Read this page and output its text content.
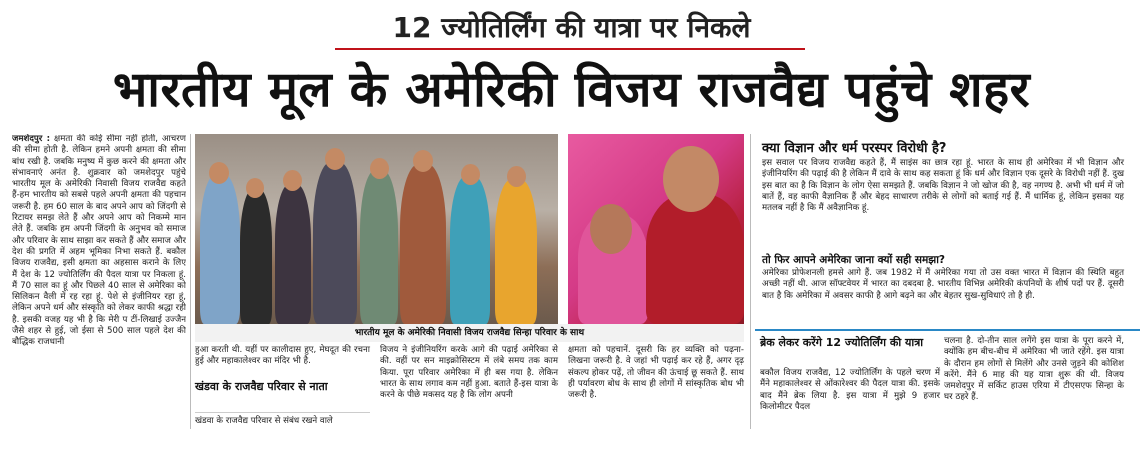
12 ज्योतिर्लिंग की यात्रा पर निकले
भारतीय मूल के अमेरिकी विजय राजवैद्य पहुंचे शहर
जमशेदपुर : क्षमता की कोई सीमा नहीं होती, आचरण की सीमा होती है. लेकिन हमने अपनी क्षमता की सीमा बांध रखी है. जबकि मनुष्य में कुछ करने की क्षमता और संभावनाएं अनंत है. शुक्रवार को जमशेदपुर पहुंचे भारतीय मूल के अमेरिकी निवासी विजय राजवैद्य कहते हैं-हम भारतीय को सबसे पहले अपनी क्षमता की पहचान जरूरी है. हम 60 साल के बाद अपने आप को जिंदगी से रिटायर समझ लेते हैं और अपने आप को निकम्मे मान लेते हैं. जबकि हम अपनी जिंदगी के अनुभव को समाज और परिवार के साथ साझा कर सकते हैं और समाज और देश की प्रगति में अहम भूमिका निभा सकते हैं. बकौल विजय राजवैद्य, इसी क्षमता का अहसास कराने के लिए मैं देश के 12 ज्योतिर्लिंग की पैदल यात्रा पर निकला हूं. मैं 70 साल का हूं और पिछले 40 साल से अमेरिका को सिलिकन वैली में रह रहा हूं. पेशे से इंजीनियर रहा हूं, लेकिन अपने धर्म और संस्कृति को लेकर काफी श्रद्धा रही है. इसकी वजह यह भी है कि मेरी प टीं-लिखाई उज्जैन जैसे शहर से हुई, जो ईसा से 500 साल पहले देश की बौद्धिक राजधानी
भारतीय मूल के अमेरिकी निवासी विजय राजवैद्य सिन्हा परिवार के साथ
क्या विज्ञान और धर्म परस्पर विरोधी है?
इस सवाल पर विजय राजवैद्य कहते हैं, मैं साइंस का छात्र रहा हूं. भारत के साथ ही अमेरिका में भी विज्ञान और इंजीनियरिंग की पढ़ाई की है लेकिन मैं दावे के साथ कह सकता हूं कि धर्म और विज्ञान एक दूसरे के विरोधी नहीं हैं. दुख इस बात का है कि विज्ञान के लोग ऐसा समझते हैं. जबकि विज्ञान ने जो खोज की है, वह नगण्य है. अभी भी धर्म में जो बातें हैं, वह काफी वैज्ञानिक हैं और बेहद साधारण तरीके से लोगों को बताई गई हैं. मैं धार्मिक हूं, लेकिन इसका यह मतलब नहीं है कि मैं अवैज्ञानिक हूं.
तो फिर आपने अमेरिका जाना क्यों सही समझा?
अमेरिका प्रोफेशनली हमसे आगे हैं. जब 1982 में मैं अमेरिका गया तो उस वक्त भारत में विज्ञान की स्थिति बहुत अच्छी नहीं थी. आज सॉफ्टवेयर में भारत का दबदबा है. भारतीय विभिन्न अमेरिकी कंपनियों के शीर्ष पदों पर हैं. दूसरी बात है कि अमेरिका में अवसर काफी है आगे बढ़ने का और बेहतर सुख-सुविधाएं तो है ही.
हुआ करती थी. यहीं पर कालीदास हुए, मेघदूत की रचना हुई और महाकालेश्वर का मंदिर भी है.
खंडवा के राजवैद्य परिवार से नाता
खंडवा के राजवैद्य परिवार से संबंध रखने वाले
विजय ने इंजीनियरिंग करके आगे की पढ़ाई अमेरिका से की. वहीं पर सन माइक्रोसिस्टम में लंबे समय तक काम किया. पूरा परिवार अमेरिका में ही बस गया है. लेकिन भारत के साथ लगाव कम नहीं हुआ. बताते हैं-इस यात्रा के करने के पीछे मकसद यह है कि लोग अपनी
क्षमता को पहचानें. दूसरी कि हर व्यक्ति को पढ़ना-लिखना जरूरी है. वे जहां भी पढ़ाई कर रहे हैं, अगर दृढ़ संकल्प होकर पढ़ें, तो जीवन की ऊंचाई छू सकते हैं. साथ ही पर्यावरण बोध के साथ ही लोगों में सांस्कृतिक बोध भी जरूरी है.
ब्रेक लेकर करेंगे 12 ज्योतिर्लिंग की यात्रा
बकौल विजय राजवैद्य, 12 ज्योतिर्लिंग के पहले चरण में मैंने महाकालेश्वर से ओंकारेश्वर की पैदल यात्रा की. इसके बाद मैंने ब्रेक लिया है. इस यात्रा में मुझे 9 हजार किलोमीटर पैदल
चलना है. दो-तीन साल लगेंगे इस यात्रा के पूरा करने में, क्योंकि हम बीच-बीच में अमेरिका भी जाते रहेंगे. इस यात्रा के दौरान हम लोगों से मिलेंगे और उनसे जुड़ने की कोशिश करेंगे. मैंने 6 माह की यह यात्रा शुरू की थी. विजय जमशेदपुर में सर्किट हाउस एरिया में टीएसएफ सिन्हा के घर ठहरे हैं.
